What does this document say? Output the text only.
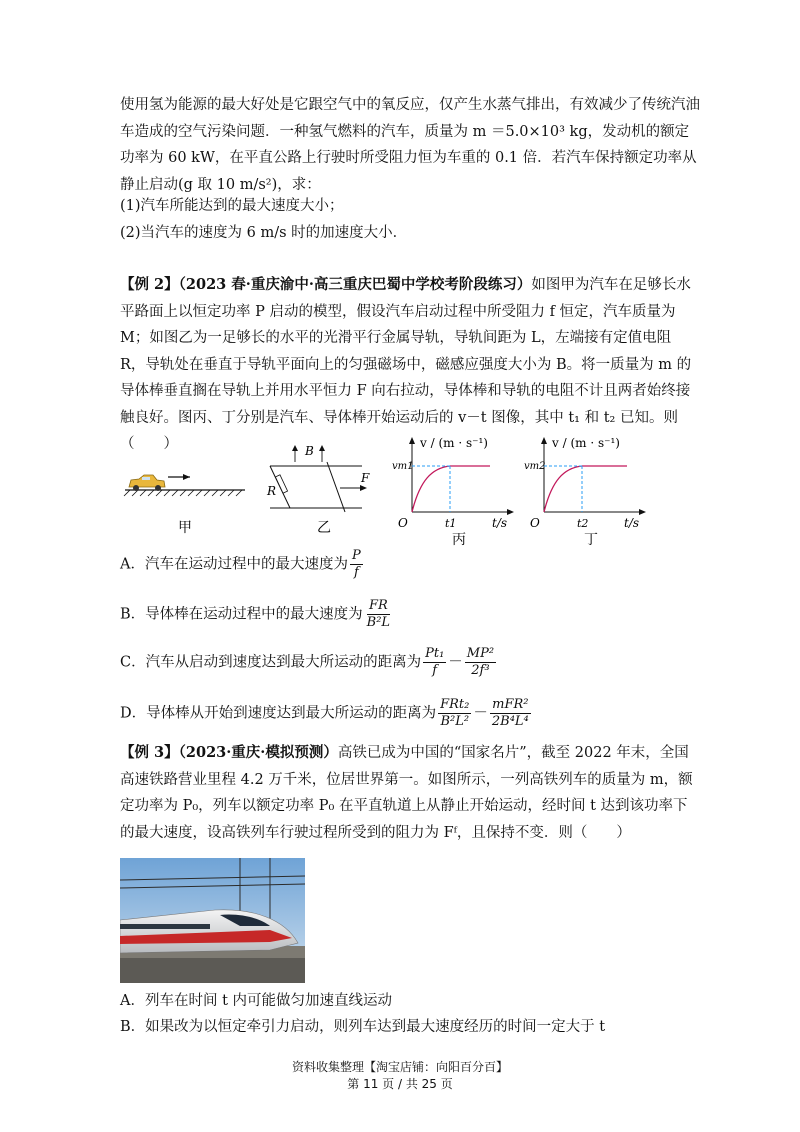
使用氢为能源的最大好处是它跟空气中的氧反应，仅产生水蒸气排出，有效减少了传统汽油车造成的空气污染问题．一种氢气燃料的汽车，质量为 m ＝5.0×10³ kg，发动机的额定功率为 60 kW，在平直公路上行驶时所受阻力恒为车重的 0.1 倍．若汽车保持额定功率从静止启动(g 取 10 m/s²)，求：

(1)汽车所能达到的最大速度大小；

(2)当汽车的速度为 6 m/s 时的加速度大小．

【例 2】（2023 春·重庆渝中·高三重庆巴蜀中学校考阶段练习）如图甲为汽车在足够长水平路面上以恒定功率 P 启动的模型，假设汽车启动过程中所受阻力 f 恒定，汽车质量为 M；如图乙为一足够长的水平的光滑平行金属导轨，导轨间距为 L，左端接有定值电阻 R，导轨处在垂直于导轨平面向上的匀强磁场中，磁感应强度大小为 B。将一质量为 m 的导体棒垂直搁在导轨上并用水平恒力 F 向右拉动，导体棒和导轨的电阻不计且两者始终接触良好。图丙、丁分别是汽车、导体棒开始运动后的 v－t 图像，其中 t₁ 和 t₂ 已知。则（　　）

甲
B
R
F
乙
v / (m · s⁻¹)
vm1
O	t1	t/s
丙
v / (m · s⁻¹)
vm2
O	t2	t/s
丁
A．汽车在运动过程中的最大速度为 $\frac{P}{f}$
B．导体棒在运动过程中的最大速度为 $\frac{FR}{\text{B²L}}$
C．汽车从启动到速度达到最大所运动的距离为 $\frac{\text{Pt₁}}{f} - \frac{\text{MP²}}{\text{2f³}}$
D．导体棒从开始到速度达到最大所运动的距离为 $\frac{\text{FRt₂}}{\text{B²L²}} - \frac{\text{mFR²}}{\text{2B⁴L⁴}}$

【例 3】（2023·重庆·模拟预测）高铁已成为中国的“国家名片”，截至 2022 年末，全国高速铁路营业里程 4.2 万千米，位居世界第一。如图所示，一列高铁列车的质量为 m，额定功率为 P₀，列车以额定功率 P₀ 在平直轨道上从静止开始运动，经时间 t 达到该功率下的最大速度，设高铁列车行驶过程所受到的阻力为 Fᶠ，且保持不变．则（　　）

A．列车在时间 t 内可能做匀加速直线运动

B．如果改为以恒定牵引力启动，则列车达到最大速度经历的时间一定大于 t

资料收集整理【淘宝店铺：向阳百分百】
第 11 页 / 共 25 页
